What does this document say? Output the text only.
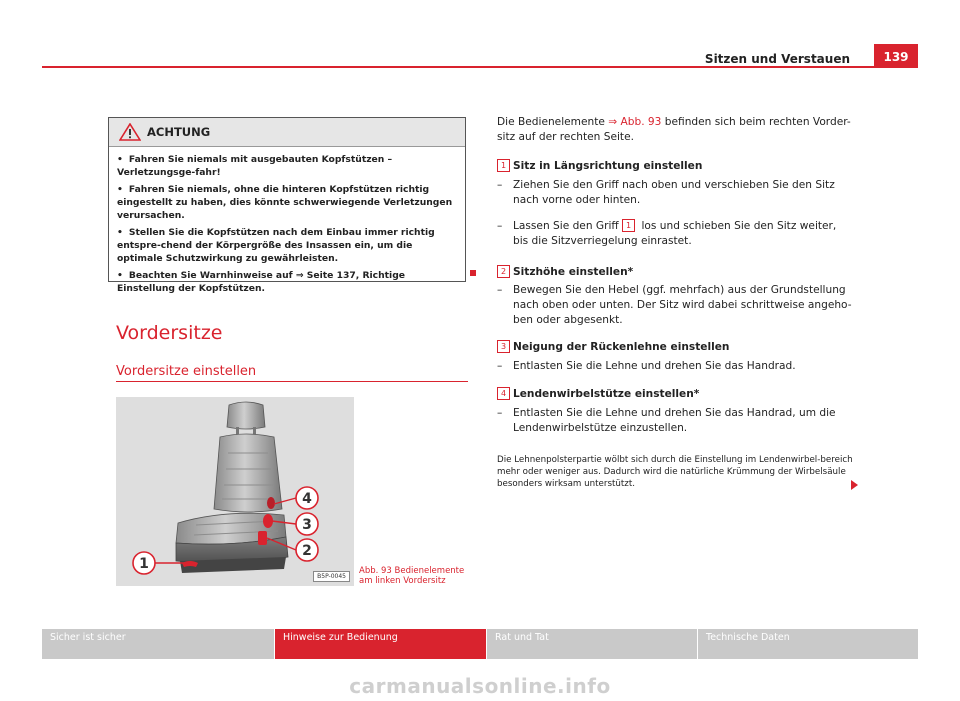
Sitzen und Verstauen	139
ACHTUNG
• Fahren Sie niemals mit ausgebauten Kopfstützen – Verletzungsge-fahr!
• Fahren Sie niemals, ohne die hinteren Kopfstützen richtig eingestellt zu haben, dies könnte schwerwiegende Verletzungen verursachen.
• Stellen Sie die Kopfstützen nach dem Einbau immer richtig entspre-chend der Körpergröße des Insassen ein, um die optimale Schutzwirkung zu gewährleisten.
• Beachten Sie Warnhinweise auf ⇒ Seite 137, Richtige Einstellung der Kopfstützen.
Vordersitze
Vordersitze einstellen
1
2
3
4
B5P-0045
Abb. 93 Bedienelemente
am linken Vordersitz
Die Bedienelemente ⇒ Abb. 93 befinden sich beim rechten Vorder-sitz auf der rechten Seite.
1 Sitz in Längsrichtung einstellen
– Ziehen Sie den Griff nach oben und verschieben Sie den Sitz nach vorne oder hinten.
– Lassen Sie den Griff 1 los und schieben Sie den Sitz weiter,
bis die Sitzverriegelung einrastet.
2 Sitzhöhe einstellen*
– Bewegen Sie den Hebel (ggf. mehrfach) aus der Grundstellung nach oben oder unten. Der Sitz wird dabei schrittweise angeho-ben oder abgesenkt.
3 Neigung der Rückenlehne einstellen
– Entlasten Sie die Lehne und drehen Sie das Handrad.
4 Lendenwirbelstütze einstellen*
– Entlasten Sie die Lehne und drehen Sie das Handrad, um die Lendenwirbelstütze einzustellen.
Die Lehnenpolsterpartie wölbt sich durch die Einstellung im Lendenwirbel-bereich mehr oder weniger aus. Dadurch wird die natürliche Krümmung der Wirbelsäule besonders wirksam unterstützt.
Sicher ist sicher	Hinweise zur Bedienung	Rat und Tat	Technische Daten
carmanualsonline.info
